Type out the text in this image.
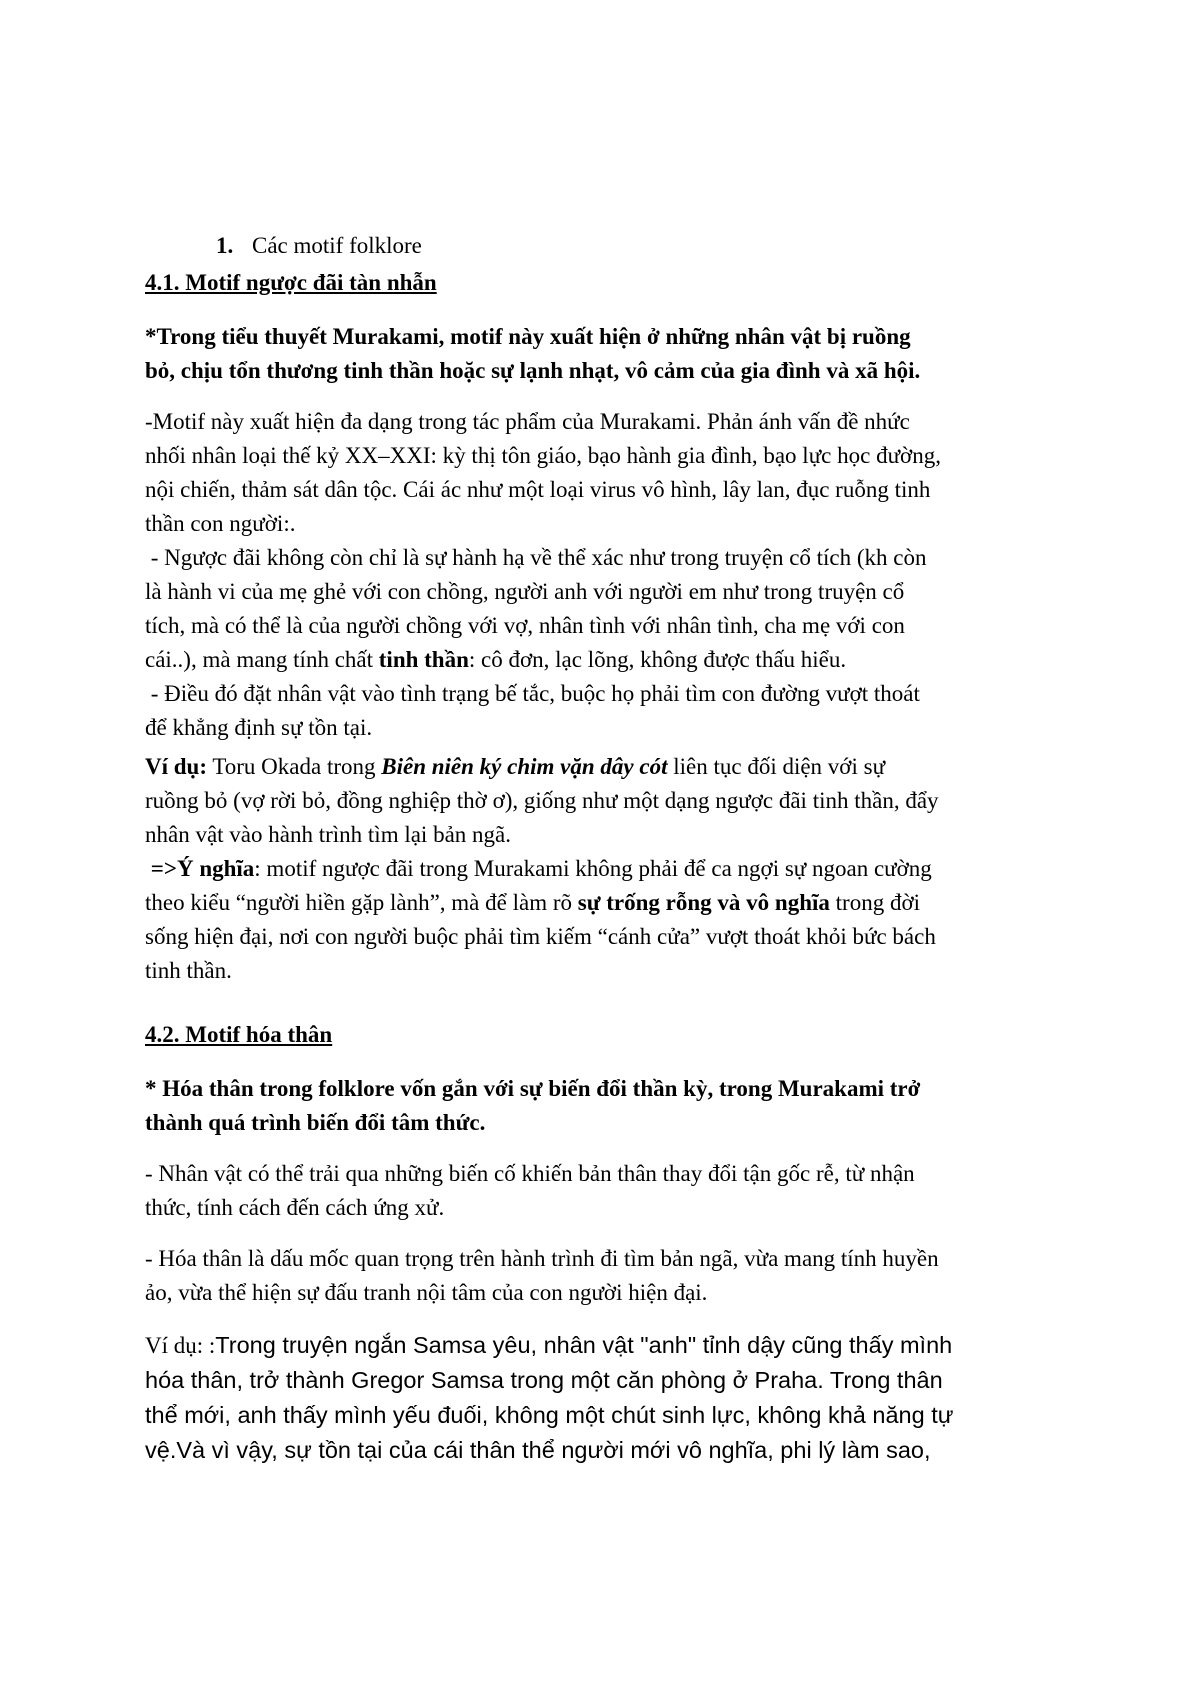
1. Các motif folklore
4.1. Motif ngược đãi tàn nhẫn
*Trong tiểu thuyết Murakami, motif này xuất hiện ở những nhân vật bị ruồng
bỏ, chịu tổn thương tinh thần hoặc sự lạnh nhạt, vô cảm của gia đình và xã hội.
-Motif này xuất hiện đa dạng trong tác phẩm của Murakami. Phản ánh vấn đề nhức
nhối nhân loại thế kỷ XX–XXI: kỳ thị tôn giáo, bạo hành gia đình, bạo lực học đường,
nội chiến, thảm sát dân tộc. Cái ác như một loại virus vô hình, lây lan, đục ruỗng tinh
thần con người:.
- Ngược đãi không còn chỉ là sự hành hạ về thể xác như trong truyện cổ tích (kh còn
là hành vi của mẹ ghẻ với con chồng, người anh với người em như trong truyện cổ
tích, mà có thể là của người chồng với vợ, nhân tình với nhân tình, cha mẹ với con
cái..), mà mang tính chất tinh thần: cô đơn, lạc lõng, không được thấu hiểu.
- Điều đó đặt nhân vật vào tình trạng bế tắc, buộc họ phải tìm con đường vượt thoát
để khẳng định sự tồn tại.
Ví dụ: Toru Okada trong Biên niên ký chim vặn dây cót liên tục đối diện với sự
ruồng bỏ (vợ rời bỏ, đồng nghiệp thờ ơ), giống như một dạng ngược đãi tinh thần, đẩy
nhân vật vào hành trình tìm lại bản ngã.
=>Ý nghĩa: motif ngược đãi trong Murakami không phải để ca ngợi sự ngoan cường
theo kiểu “người hiền gặp lành”, mà để làm rõ sự trống rỗng và vô nghĩa trong đời
sống hiện đại, nơi con người buộc phải tìm kiếm “cánh cửa” vượt thoát khỏi bức bách
tinh thần.
4.2. Motif hóa thân
* Hóa thân trong folklore vốn gắn với sự biến đổi thần kỳ, trong Murakami trở
thành quá trình biến đổi tâm thức.
- Nhân vật có thể trải qua những biến cố khiến bản thân thay đổi tận gốc rễ, từ nhận
thức, tính cách đến cách ứng xử.
- Hóa thân là dấu mốc quan trọng trên hành trình đi tìm bản ngã, vừa mang tính huyền
ảo, vừa thể hiện sự đấu tranh nội tâm của con người hiện đại.
Ví dụ: :Trong truyện ngắn Samsa yêu, nhân vật "anh" tỉnh dậy cũng thấy mình
hóa thân, trở thành Gregor Samsa trong một căn phòng ở Praha. Trong thân
thể mới, anh thấy mình yếu đuối, không một chút sinh lực, không khả năng tự
vệ.Và vì vậy, sự tồn tại của cái thân thể người mới vô nghĩa, phi lý làm sao,
